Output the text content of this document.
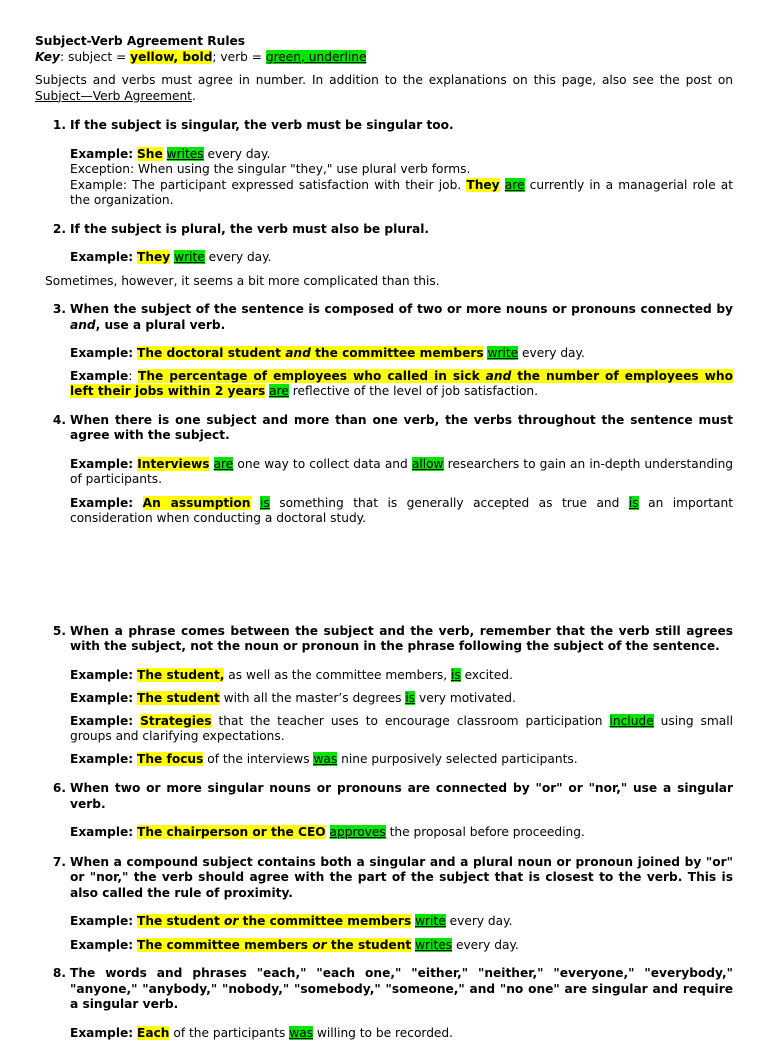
Subject-Verb Agreement Rules

Key: subject = yellow, bold; verb = green, underline

Subjects and verbs must agree in number. In addition to the explanations on this page, also see the post on Subject—Verb Agreement.

1. If the subject is singular, the verb must be singular too.
Example: She writes every day.
Exception: When using the singular "they," use plural verb forms.
Example: The participant expressed satisfaction with their job. They are currently in a managerial role at the organization.
2. If the subject is plural, the verb must also be plural.
Example: They write every day.

Sometimes, however, it seems a bit more complicated than this.

3. When the subject of the sentence is composed of two or more nouns or pronouns connected by and, use a plural verb.
Example: The doctoral student and the committee members write every day.
Example: The percentage of employees who called in sick and the number of employees who left their jobs within 2 years are reflective of the level of job satisfaction.
4. When there is one subject and more than one verb, the verbs throughout the sentence must agree with the subject.
Example: Interviews are one way to collect data and allow researchers to gain an in-depth understanding of participants.
Example: An assumption is something that is generally accepted as true and is an important consideration when conducting a doctoral study.
5. When a phrase comes between the subject and the verb, remember that the verb still agrees with the subject, not the noun or pronoun in the phrase following the subject of the sentence.
Example: The student, as well as the committee members, is excited.
Example: The student with all the master’s degrees is very motivated.
Example: Strategies that the teacher uses to encourage classroom participation include using small groups and clarifying expectations.
Example: The focus of the interviews was nine purposively selected participants.
6. When two or more singular nouns or pronouns are connected by "or" or "nor," use a singular verb.
Example: The chairperson or the CEO approves the proposal before proceeding.
7. When a compound subject contains both a singular and a plural noun or pronoun joined by "or" or "nor," the verb should agree with the part of the subject that is closest to the verb. This is also called the rule of proximity.
Example: The student or the committee members write every day.
Example: The committee members or the student writes every day.
8. The words and phrases "each," "each one," "either," "neither," "everyone," "everybody," "anyone," "anybody," "nobody," "somebody," "someone," and "no one" are singular and require a singular verb.
Example: Each of the participants was willing to be recorded.
